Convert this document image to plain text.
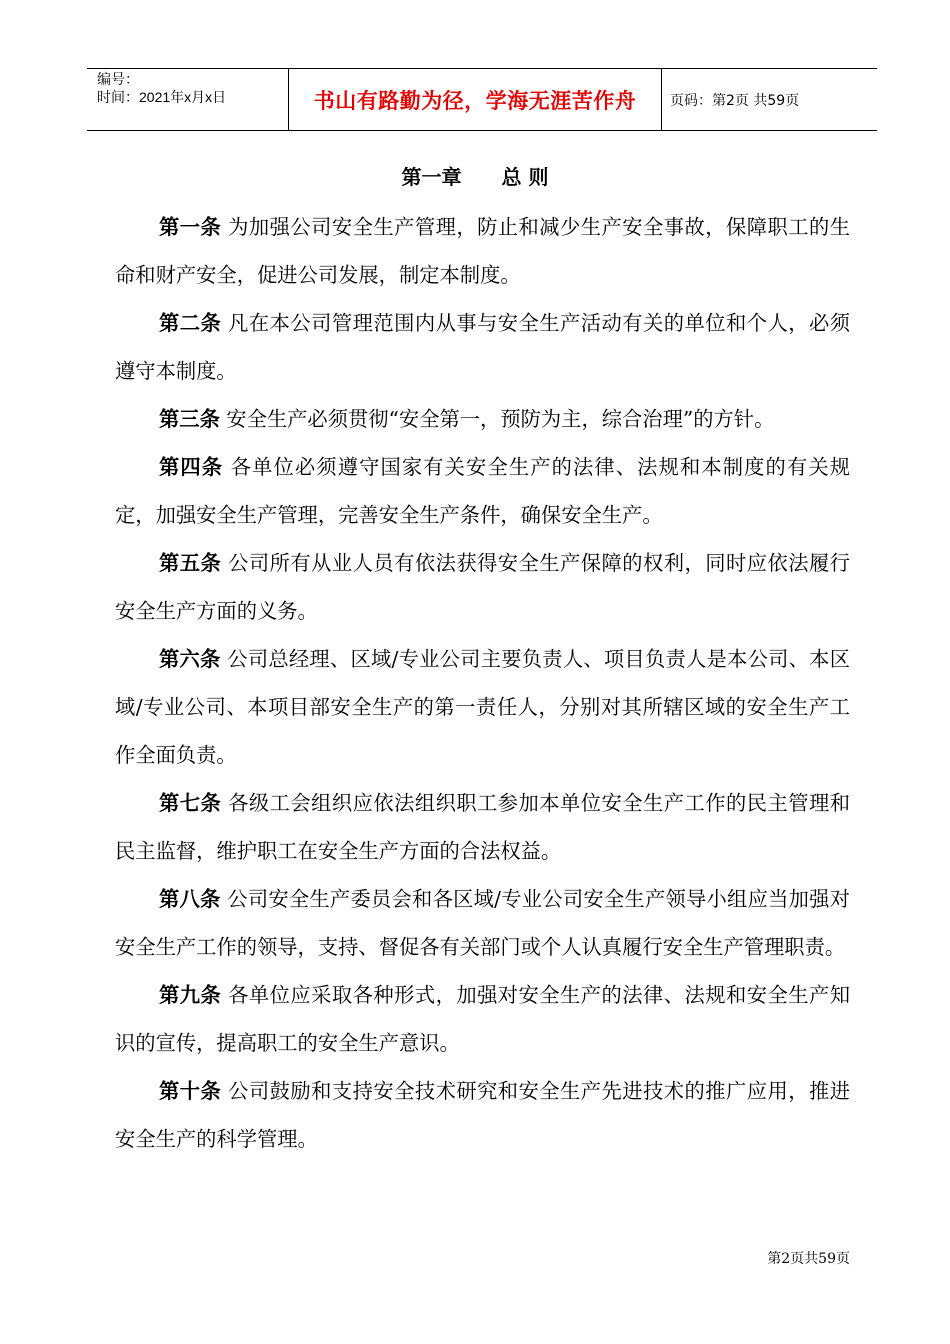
编号：
时间：2021年x月x日	书山有路勤为径，学海无涯苦作舟	页码：第2页 共59页
第一章　　总 则

第一条 为加强公司安全生产管理，防止和减少生产安全事故，保障职工的生命和财产安全，促进公司发展，制定本制度。

第二条 凡在本公司管理范围内从事与安全生产活动有关的单位和个人，必须遵守本制度。

第三条 安全生产必须贯彻“安全第一，预防为主，综合治理”的方针。

第四条 各单位必须遵守国家有关安全生产的法律、法规和本制度的有关规定，加强安全生产管理，完善安全生产条件，确保安全生产。

第五条 公司所有从业人员有依法获得安全生产保障的权利，同时应依法履行安全生产方面的义务。

第六条 公司总经理、区域/专业公司主要负责人、项目负责人是本公司、本区域/专业公司、本项目部安全生产的第一责任人，分别对其所辖区域的安全生产工作全面负责。

第七条 各级工会组织应依法组织职工参加本单位安全生产工作的民主管理和民主监督，维护职工在安全生产方面的合法权益。

第八条 公司安全生产委员会和各区域/专业公司安全生产领导小组应当加强对安全生产工作的领导，支持、督促各有关部门或个人认真履行安全生产管理职责。

第九条 各单位应采取各种形式，加强对安全生产的法律、法规和安全生产知识的宣传，提高职工的安全生产意识。

第十条 公司鼓励和支持安全技术研究和安全生产先进技术的推广应用，推进安全生产的科学管理。

第2页共59页
